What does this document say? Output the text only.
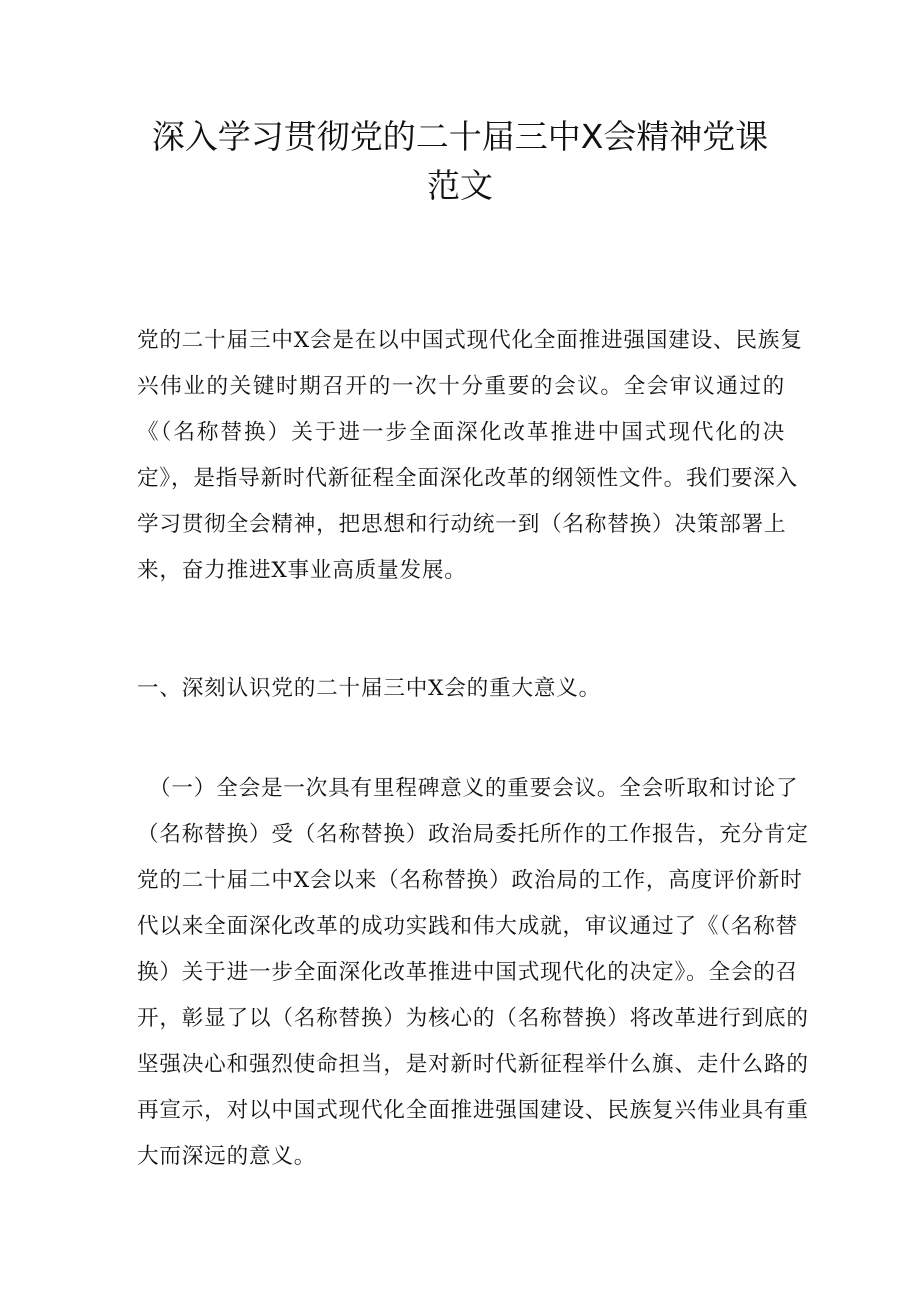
深入学习贯彻党的二十届三中X会精神党课
范文

党的二十届三中X会是在以中国式现代化全面推进强国建设、民族复
兴伟业的关键时期召开的一次十分重要的会议。全会审议通过的
《（名称替换）关于进一步全面深化改革推进中国式现代化的决
定》，是指导新时代新征程全面深化改革的纲领性文件。我们要深入
学习贯彻全会精神，把思想和行动统一到（名称替换）决策部署上
来，奋力推进X事业高质量发展。

一、深刻认识党的二十届三中X会的重大意义。

（一）全会是一次具有里程碑意义的重要会议。全会听取和讨论了
（名称替换）受（名称替换）政治局委托所作的工作报告，充分肯定
党的二十届二中X会以来（名称替换）政治局的工作，高度评价新时
代以来全面深化改革的成功实践和伟大成就，审议通过了《（名称替
换）关于进一步全面深化改革推进中国式现代化的决定》。全会的召
开，彰显了以（名称替换）为核心的（名称替换）将改革进行到底的
坚强决心和强烈使命担当，是对新时代新征程举什么旗、走什么路的
再宣示，对以中国式现代化全面推进强国建设、民族复兴伟业具有重
大而深远的意义。
